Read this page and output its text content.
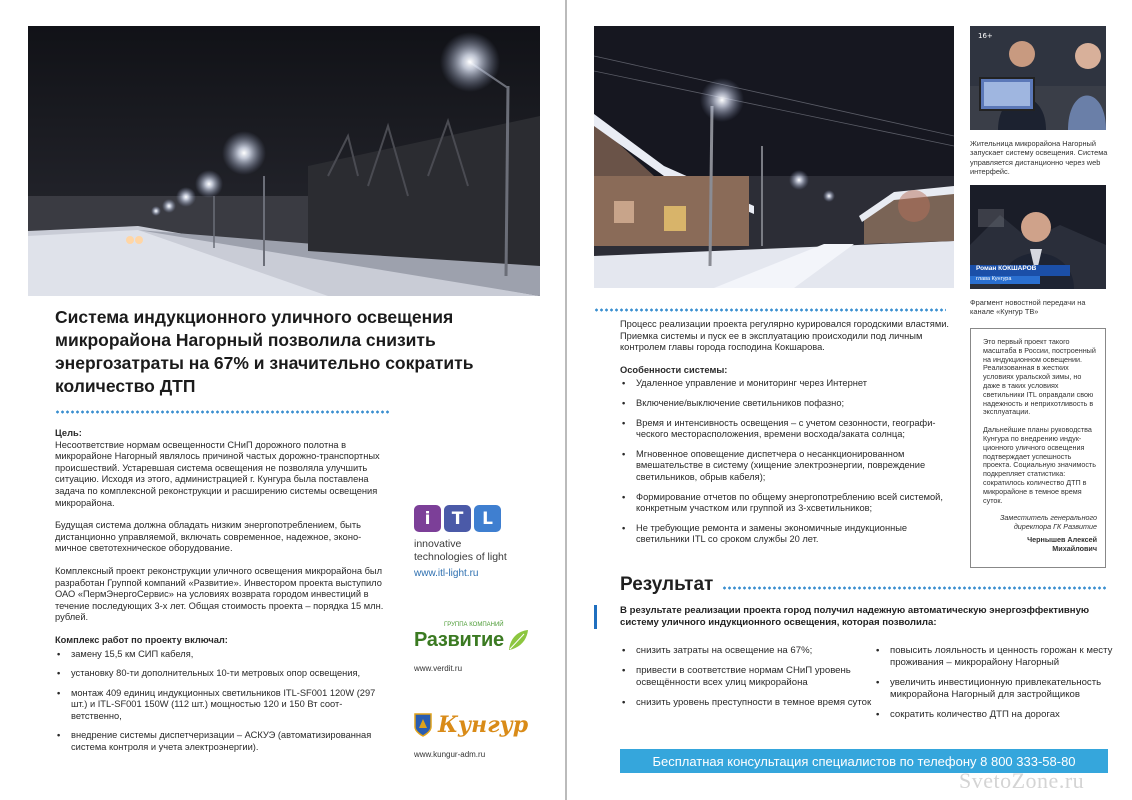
Система индукционного уличного освещения микрорайона Нагорный позволила снизить энергозатраты на 67% и значительно сократить количество ДТП

Цель:
Несоответствие нормам освещенности СНиП дорожного полотна в микрорайоне Нагорный являлось причиной частых дорожно-транспортных происшествий. Устаревшая система освещения не позволяла улучшить ситуацию. Исходя из этого, администрацией г. Кунгура была поставлена задача по комплексной реконструкции и расширению системы освещения микрорайона.

Будущая система должна обладать низким энергопотреблением, быть дистанционно управляемой, включать современное, надежное, экономичное светотехническое оборудование.

Комплексный проект реконструкции уличного освещения микрорайона был разработан Группой компаний «Развитие». Инвестором проекта выступило ОАО «ПермЭнергоСервис» на условиях возврата городом инвестиций в течение последующих 3-х лет. Общая стоимость проекта – порядка 15 млн. рублей.

Комплекс работ по проекту включал:
• замену 15,5 км СИП кабеля,
• установку 80-ти дополнительных 10-ти метровых опор освещения,
• монтаж 409 единиц индукционных светильников ITL-SF001 120W (297 шт.) и ITL-SF001 150W (112 шт.) мощностью 120 и 150 Вт соответственно,
• внедрение системы диспетчеризации – АСКУЭ (автоматизированная система контроля и учета электроэнергии).
i	T	L
innovative
technologies of light
www.itl-light.ru
ГРУППА КОМПАНИЙ
Развитие
www.verdit.ru
Кунгур
www.kungur-adm.ru
16+
Жительница микрорайона Нагорный запускает систему освещения. Система управляется дистанционно через web интерфейс.
Роман КОКШАРОВ
глава Кунгура
Фрагмент новостной передачи на канале «Кунгур ТВ»

Процесс реализации проекта регулярно курировался городскими властями. Приемка системы и пуск ее в эксплуатацию происходили под личным контролем главы города господина Кокшарова.

Особенности системы:
• Удаленное управление и мониторинг через Интернет
• Включение/выключение светильников пофазно;
• Время и интенсивность освещения – с учетом сезонности, географического месторасположения, времени восхода/заката солнца;
• Мгновенное оповещение диспетчера о несанкционированном вмешательстве в систему (хищение электроэнергии, повреждение светильников, обрыв кабеля);
• Формирование отчетов по общему энергопотреблению всей системой, конкретным участком или группой из 3-хсветильников;
• Не требующие ремонта и замены экономичные индукционные светильники ITL со сроком службы 20 лет.

Это первый проект такого масштаба в России, построенный на индукционном освещении. Реализованная в жестких условиях уральской зимы, но даже в таких условиях светильники ITL оправдали свою надежность и неприхотливость в эксплуатации.

Дальнейшие планы руководства Кунгура по внедрению индукционного уличного освещения подтверждает успешность проекта. Социальную значимость подкрепляет статистика: сократилось количество ДТП в микрорайоне в темное время суток.

Заместитель генерального директора ГК Развитие
Чернышев Алексей Михайлович
Результат
В результате реализации проекта город получил надежную автоматическую энергоэффективную систему уличного индукционного освещения, которая позволила:
• снизить затраты на освещение на 67%;
• привести в соответствие нормам СНиП уровень освещённости всех улиц микрорайона
• снизить уровень преступности в темное время суток
• повысить лояльность и ценность горожан к месту проживания – микрорайону Нагорный
• увеличить инвестиционную привлекательность микрорайона Нагорный для застройщиков
• сократить количество ДТП на дорогах
Бесплатная консультация специалистов по телефону 8 800 333-58-80
SvetoZone.ru
